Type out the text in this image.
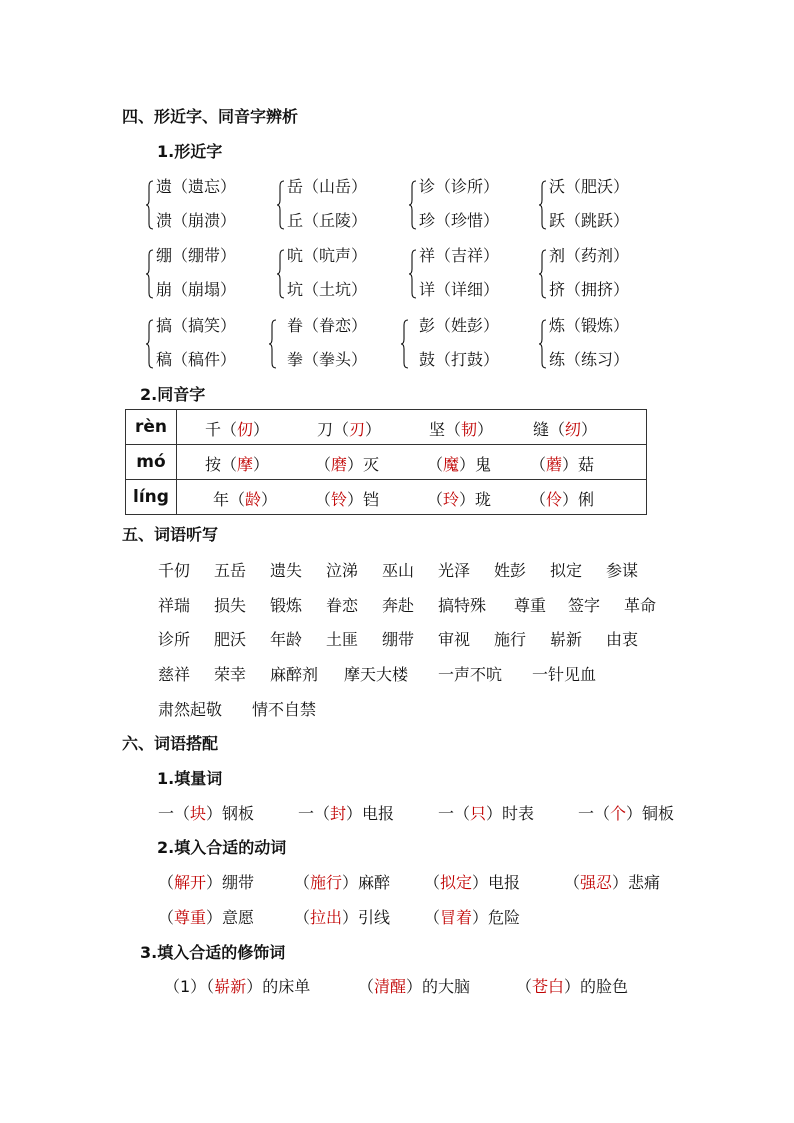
四、形近字、同音字辨析
1.形近字
遗（遗忘）
溃（崩溃）
岳（山岳）
丘（丘陵）
诊（诊所）
珍（珍惜）
沃（肥沃）
跃（跳跃）
绷（绷带）
崩（崩塌）
吭（吭声）
坑（土坑）
祥（吉祥）
详（详细）
剂（药剂）
挤（拥挤）
搞（搞笑）
稿（稿件）
眷（眷恋）
拳（拳头）
彭（姓彭）
鼓（打鼓）
炼（锻炼）
练（练习）
2.同音字
rèn	千（仞） 刀（刃） 坚（韧） 缝（纫）

mó	按（摩） （磨）灭 （魔）鬼 （蘑）菇

líng	年（龄） （铃）铛 （玲）珑 （伶）俐
五、词语听写
千仞 五岳 遗失 泣涕 巫山 光泽 姓彭 拟定 参谋
祥瑞 损失 锻炼 眷恋 奔赴 搞特殊 尊重 签字 革命
诊所 肥沃 年龄 土匪 绷带 审视 施行 崭新 由衷
慈祥 荣幸 麻醉剂 摩天大楼 一声不吭 一针见血
肃然起敬 情不自禁
六、词语搭配
1.填量词
一（块）钢板	一（封）电报	一（只）时表	一（个）铜板
2.填入合适的动词
（解开）绷带 （施行）麻醉 （拟定）电报	（强忍）悲痛
（尊重）意愿 （拉出）引线 （冒着）危险
3.填入合适的修饰词
（1）（崭新）的床单	（清醒）的大脑	（苍白）的脸色
